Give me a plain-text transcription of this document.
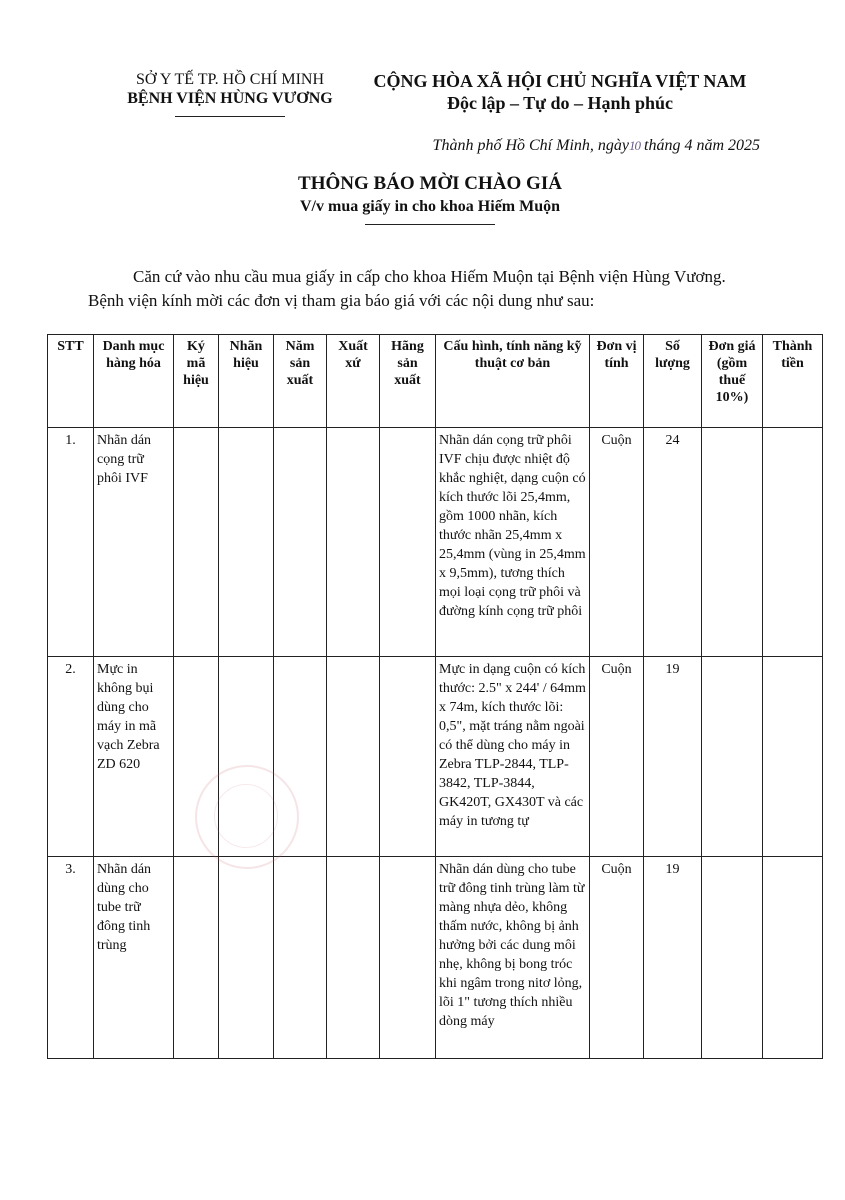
SỞ Y TẾ TP. HỒ CHÍ MINH
BỆNH VIỆN HÙNG VƯƠNG
CỘNG HÒA XÃ HỘI CHỦ NGHĨA VIỆT NAM
Độc lập – Tự do – Hạnh phúc
Thành phố Hồ Chí Minh, ngày10 tháng 4 năm 2025
THÔNG BÁO MỜI CHÀO GIÁ
V/v mua giấy in cho khoa Hiếm Muộn

Căn cứ vào nhu cầu mua giấy in cấp cho khoa Hiếm Muộn tại Bệnh viện Hùng Vương.

Bệnh viện kính mời các đơn vị tham gia báo giá với các nội dung như sau:

STT	Danh mục hàng hóa	Ký mã hiệu	Nhãn hiệu	Năm sản xuất	Xuất xứ	Hãng sản xuất	Cấu hình, tính năng kỹ thuật cơ bản	Đơn vị tính	Số lượng	Đơn giá (gồm thuế 10%)	Thành tiền
1.	Nhãn dán cọng trữ phôi IVF						Nhãn dán cọng trữ phôi IVF chịu được nhiệt độ khắc nghiệt, dạng cuộn có kích thước lõi 25,4mm, gồm 1000 nhãn, kích thước nhãn 25,4mm x 25,4mm (vùng in 25,4mm x 9,5mm), tương thích mọi loại cọng trữ phôi và đường kính cọng trữ phôi	Cuộn	24		
2.	Mực in không bụi dùng cho máy in mã vạch Zebra ZD 620						Mực in dạng cuộn có kích thước: 2.5" x 244' / 64mm x 74m, kích thước lõi: 0,5", mặt tráng nằm ngoài có thể dùng cho máy in Zebra TLP-2844, TLP-3842, TLP-3844, GK420T, GX430T và các máy in tương tự	Cuộn	19		
3.	Nhãn dán dùng cho tube trữ đông tinh trùng						Nhãn dán dùng cho tube trữ đông tinh trùng làm từ màng nhựa dẻo, không thấm nước, không bị ảnh hưởng bởi các dung môi nhẹ, không bị bong tróc khi ngâm trong nitơ lỏng, lõi 1" tương thích nhiều dòng máy	Cuộn	19		
